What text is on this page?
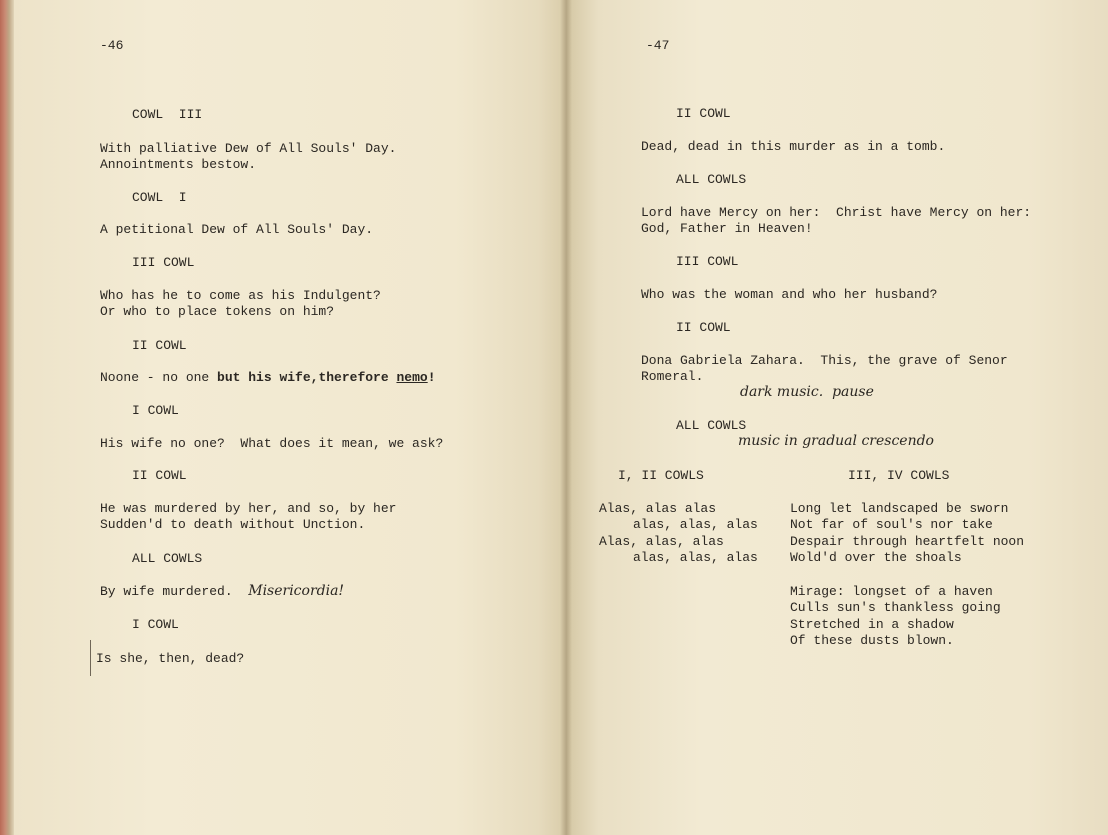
-46
COWL  III
With palliative Dew of All Souls' Day.
Annointments bestow.
COWL  I
A petitional Dew of All Souls' Day.
III COWL
Who has he to come as his Indulgent?
Or who to place tokens on him?
II COWL
Noone - no one but his wife,therefore nemo!
I COWL
His wife no one?  What does it mean, we ask?
II COWL
He was murdered by her, and so, by her
Sudden'd to death without Unction.
ALL COWLS
By wife murdered.  Misericordia!
I COWL
Is she, then, dead?
-47
II COWL
Dead, dead in this murder as in a tomb.
ALL COWLS
Lord have Mercy on her:  Christ have Mercy on her:
God, Father in Heaven!
III COWL
Who was the woman and who her husband?
II COWL
Dona Gabriela Zahara.  This, the grave of Senor
Romeral.
dark music.  pause
ALL COWLS
music in gradual crescendo
I, II COWLS	III, IV COWLS
Alas, alas alas
alas, alas, alas
Alas, alas, alas
alas, alas, alas
Long let landscaped be sworn
Not far of soul's nor take
Despair through heartfelt noon
Wold'd over the shoals
Mirage: longset of a haven
Culls sun's thankless going
Stretched in a shadow
Of these dusts blown.
